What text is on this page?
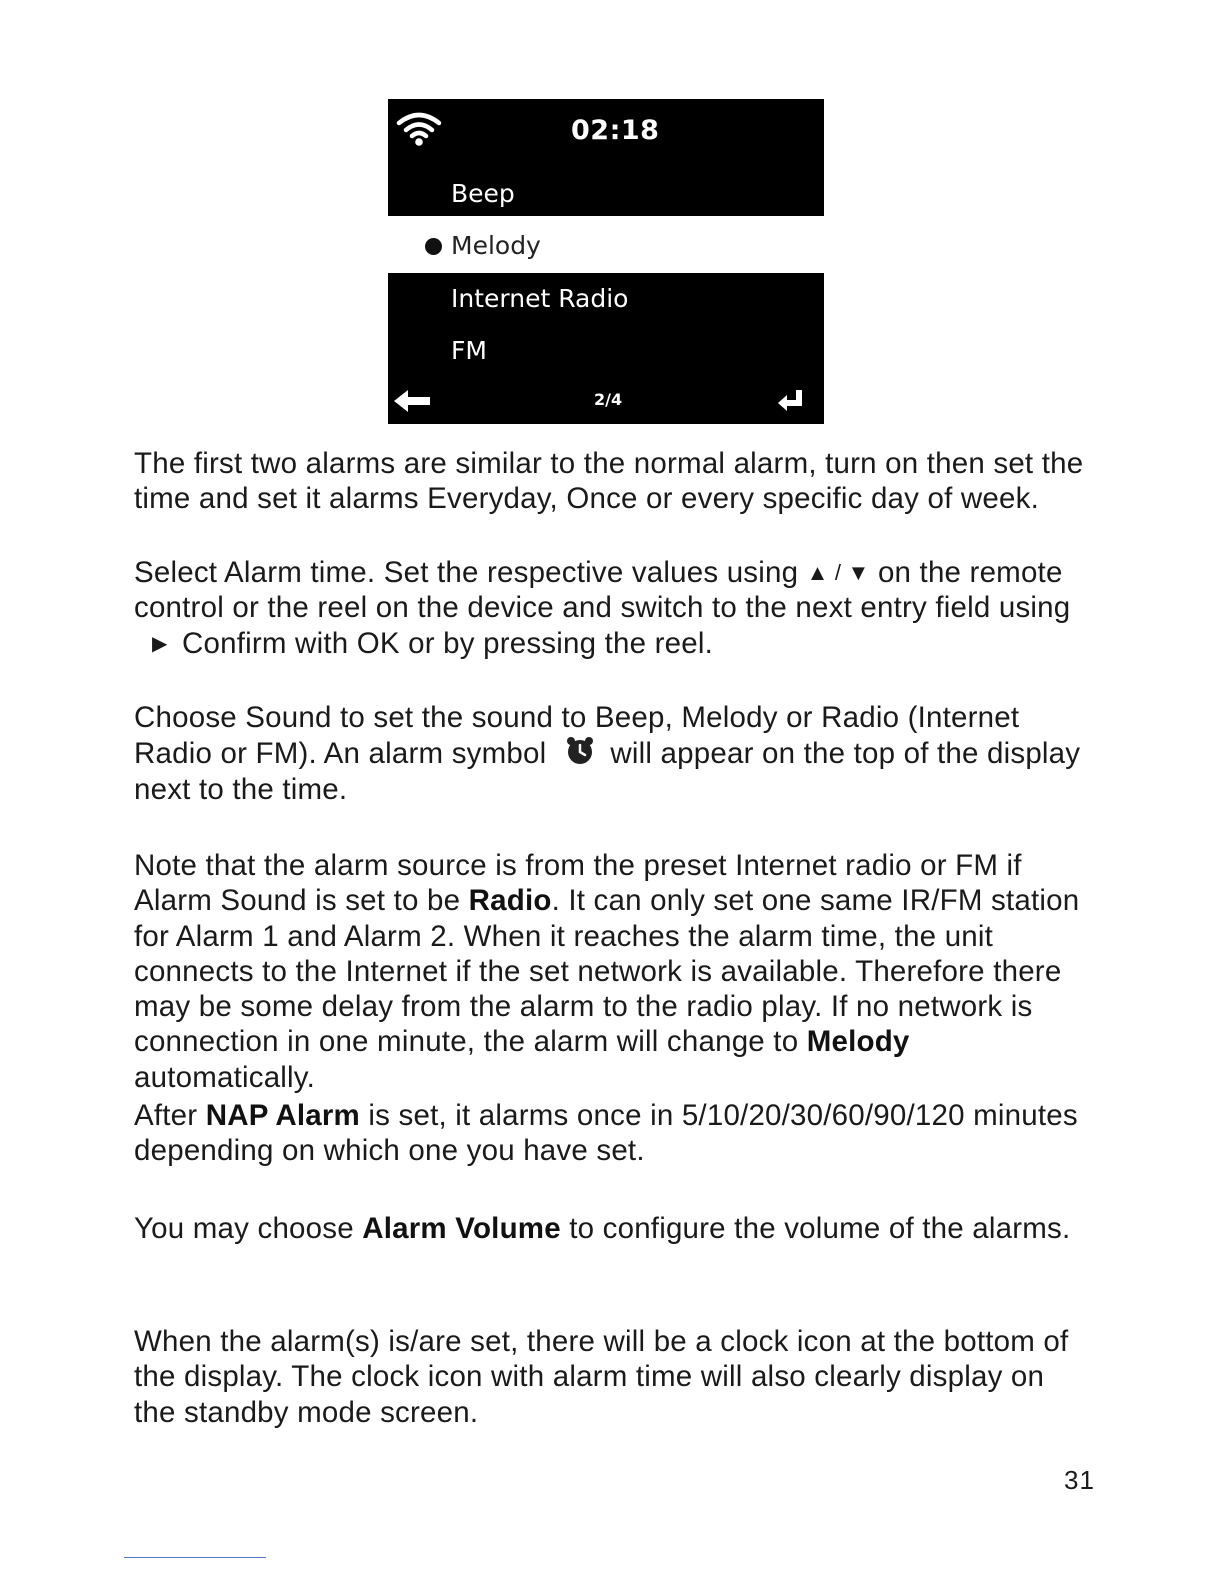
02:18
Beep
Melody
Internet Radio
FM
2/4
The first two alarms are similar to the normal alarm, turn on then set the time and set it alarms Everyday, Once or every specific day of week.
Select Alarm time. Set the respective values using ▲ / ▼ on the remote control or the reel on the device and switch to the next entry field using▶ Confirm with OK or by pressing the reel.
Choose Sound to set the sound to Beep, Melody or Radio (Internet Radio or FM). An alarm symbol will appear on the top of the display next to the time.
Note that the alarm source is from the preset Internet radio or FM if Alarm Sound is set to be Radio. It can only set one same IR/FM station for Alarm 1 and Alarm 2. When it reaches the alarm time, the unit connects to the Internet if the set network is available. Therefore there may be some delay from the alarm to the radio play. If no network is connection in one minute, the alarm will change to Melody automatically.
After NAP Alarm is set, it alarms once in 5/10/20/30/60/90/120 minutes depending on which one you have set.
You may choose Alarm Volume to configure the volume of the alarms.
When the alarm(s) is/are set, there will be a clock icon at the bottom of the display. The clock icon with alarm time will also clearly display on the standby mode screen.
31
